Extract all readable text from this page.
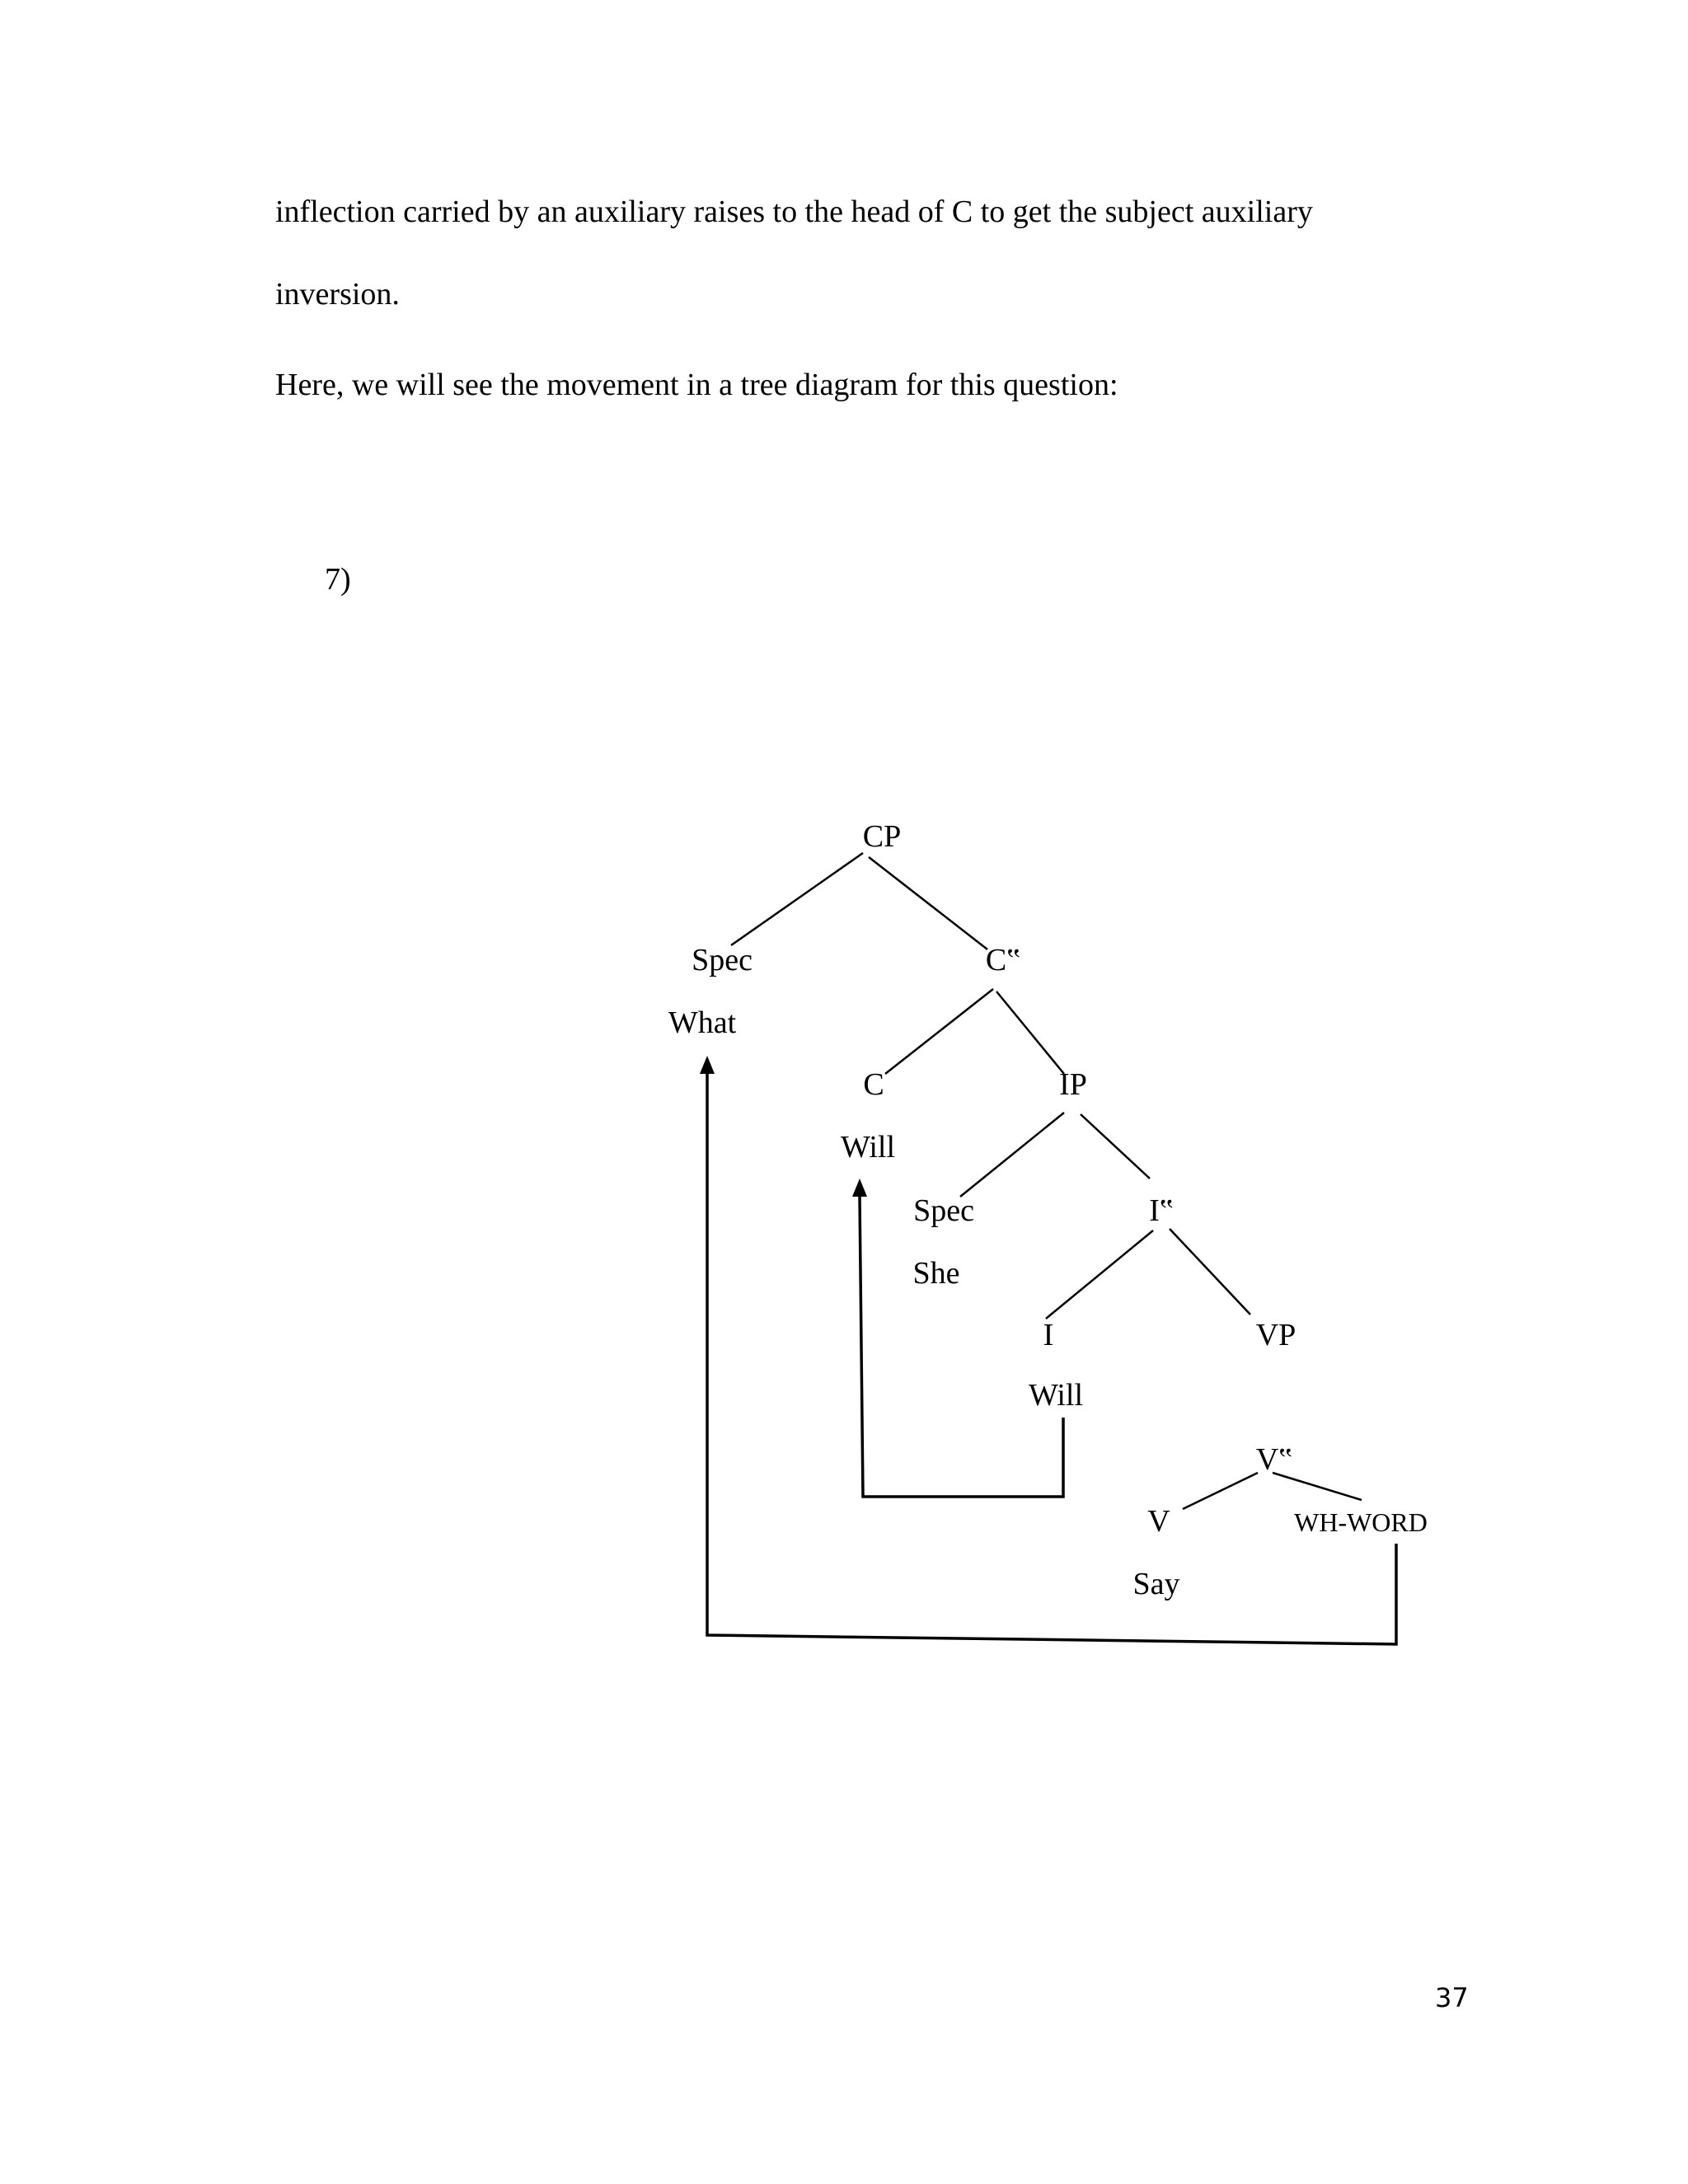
inflection carried by an auxiliary raises to the head of C to get the subject auxiliary

inversion.

Here, we will see the movement in a tree diagram for this question:

7)
CP
Spec
What
C‟
C
Will
IP
Spec
She
I‟
I
Will
VP
V‟
V
Say
WH-WORD
37
